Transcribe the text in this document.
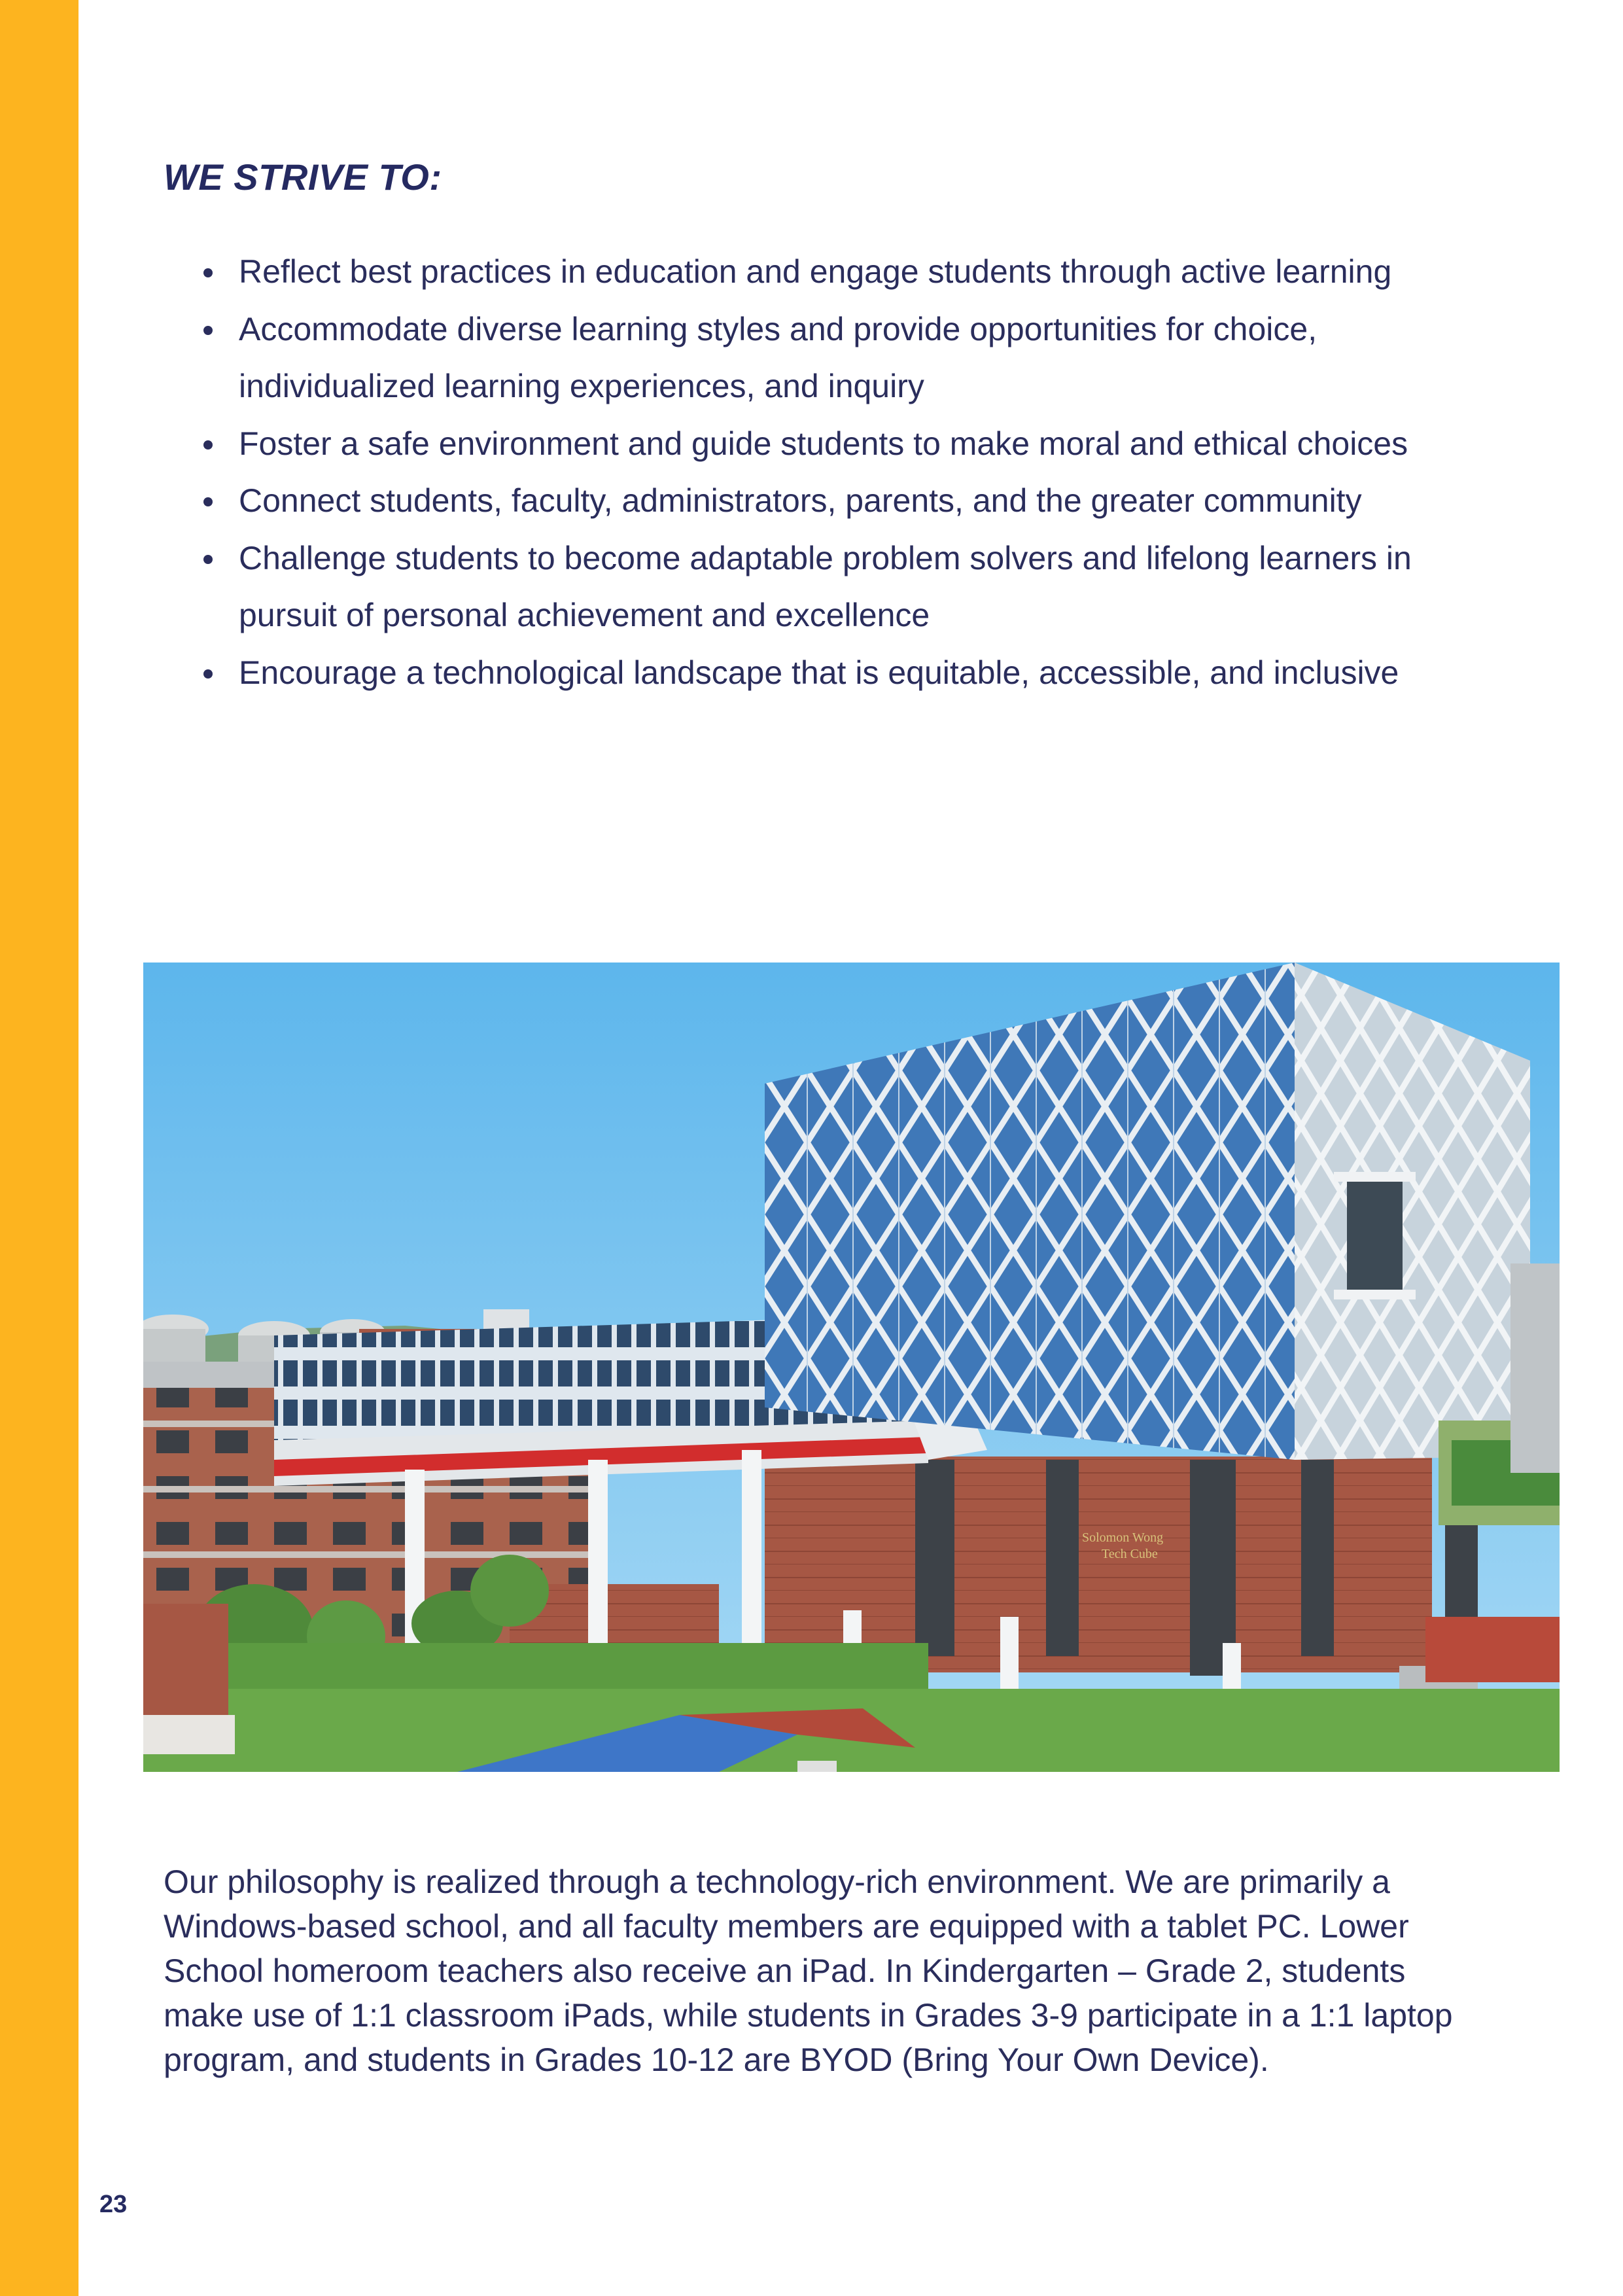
WE STRIVE TO:
Reflect best practices in education and engage students through active learning
Accommodate diverse learning styles and provide opportunities for choice, individualized learning experiences, and inquiry
Foster a safe environment and guide students to make moral and ethical choices
Connect students, faculty, administrators, parents, and the greater community
Challenge students to become adaptable problem solvers and lifelong learners in pursuit of personal achievement and excellence
Encourage a technological landscape that is equitable, accessible, and inclusive
Solomon Wong
Tech Cube

Our philosophy is realized through a technology-rich environment. We are primarily a Windows-based school, and all faculty members are equipped with a tablet PC. Lower School homeroom teachers also receive an iPad. In Kindergarten – Grade 2, students make use of 1:1 classroom iPads, while students in Grades 3-9 participate in a 1:1 laptop program, and students in Grades 10-12 are BYOD (Bring Your Own Device).

23
